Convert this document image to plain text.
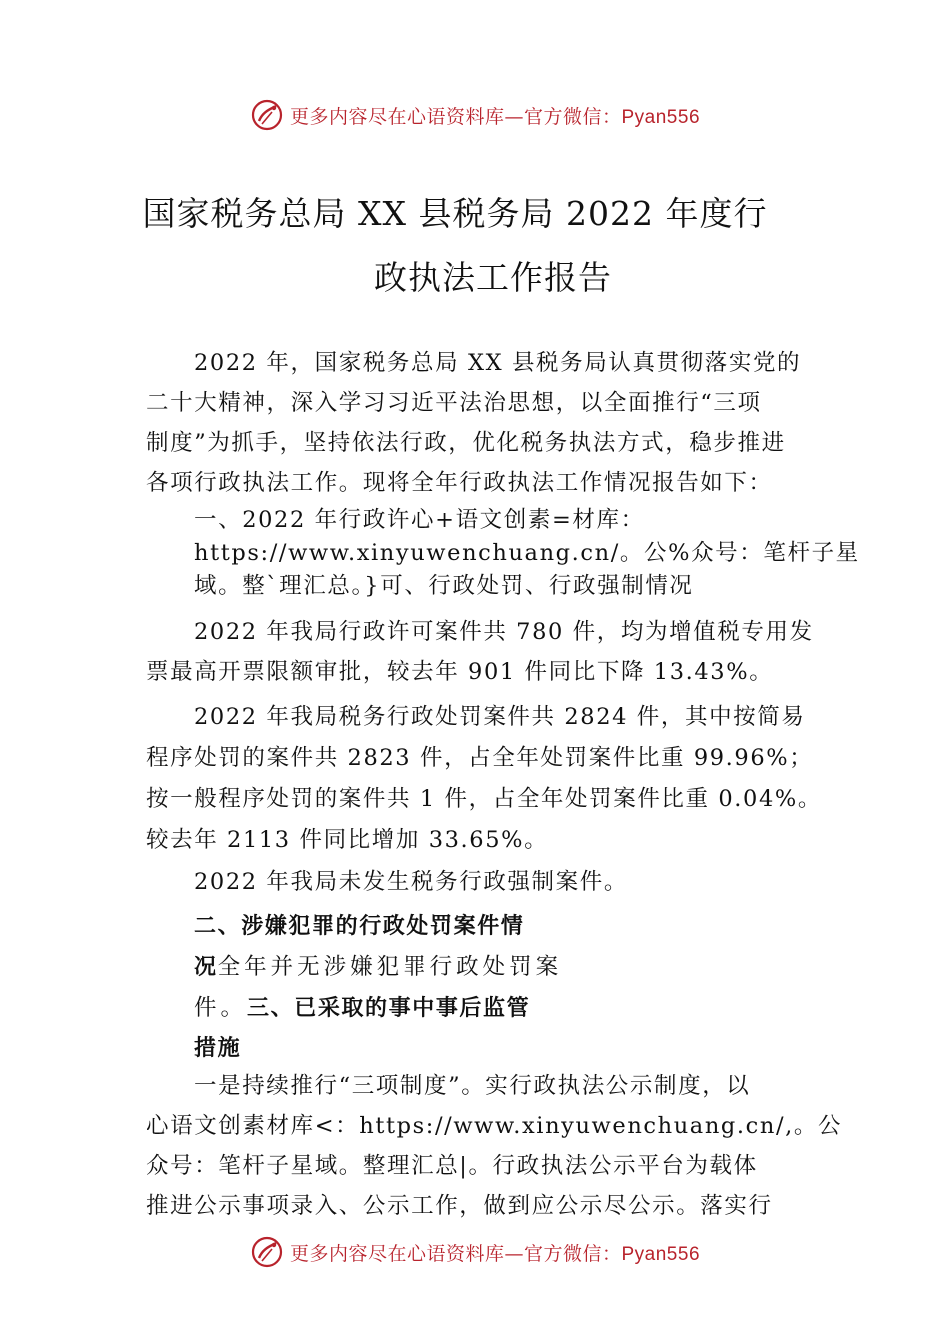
更多内容尽在心语资料库—官方微信：Pyan556
国家税务总局 XX 县税务局 2022 年度行
政执法工作报告
2022 年，国家税务总局 XX 县税务局认真贯彻落实党的
二十大精神，深入学习习近平法治思想，以全面推行“三项
制度”为抓手，坚持依法行政，优化税务执法方式，稳步推进
各项行政执法工作。现将全年行政执法工作情况报告如下：
一、2022 年行政许心+语文创素=材库：
https://www.xinyuwenchuang.cn/。公%众号：笔杆子星
域。整`理汇总。}可、行政处罚、行政强制情况
2022 年我局行政许可案件共 780 件，均为增值税专用发
票最高开票限额审批，较去年 901 件同比下降 13.43%。
2022 年我局税务行政处罚案件共 2824 件，其中按简易
程序处罚的案件共 2823 件，占全年处罚案件比重 99.96%；
按一般程序处罚的案件共 1 件，占全年处罚案件比重 0.04%。
较去年 2113 件同比增加 33.65%。
2022 年我局未发生税务行政强制案件。
二、涉嫌犯罪的行政处罚案件情
况全年并无涉嫌犯罪行政处罚案
件。三、已采取的事中事后监管
措施
一是持续推行“三项制度”。实行政执法公示制度，以
心语文创素材库<：https://www.xinyuwenchuang.cn/,。公
众号：笔杆子星域。整理汇总|。行政执法公示平台为载体
推进公示事项录入、公示工作，做到应公示尽公示。落实行
更多内容尽在心语资料库—官方微信：Pyan556
